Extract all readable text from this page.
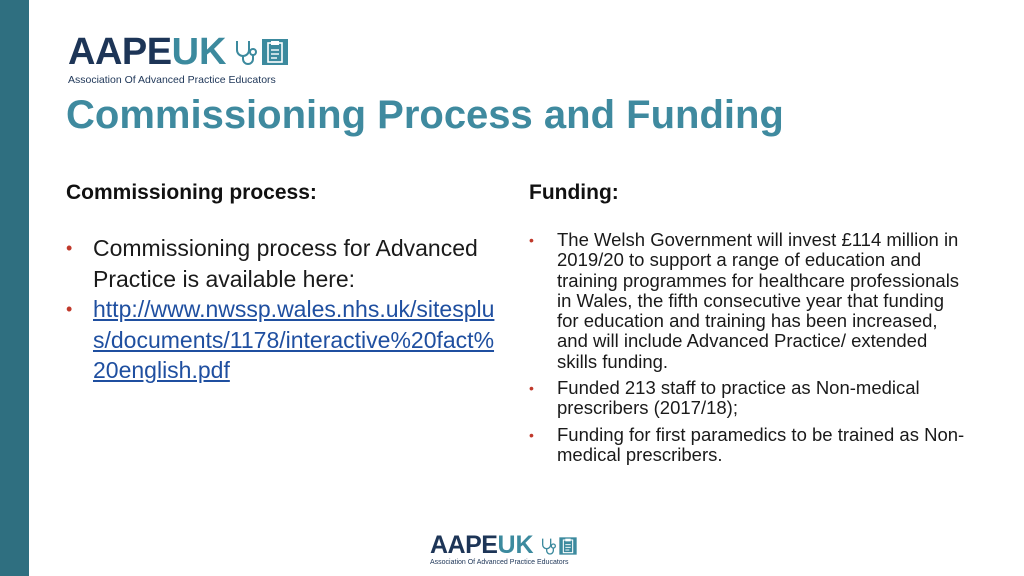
AAPE UK
Association Of Advanced Practice Educators
Commissioning Process and Funding
Commissioning process:
• Commissioning process for Advanced Practice is available here:
• http://www.nwssp.wales.nhs.uk/sitesplus/documents/1178/interactive%20fact%20english.pdf
Funding:
• The Welsh Government will invest £114 million in 2019/20 to support a range of education and training programmes for healthcare professionals in Wales, the fifth consecutive year that funding for education and training has been increased, and will include Advanced Practice/ extended skills funding.
• Funded 213 staff to practice as Non-medical prescribers (2017/18);
• Funding for first paramedics to be trained as Non-medical prescribers.
AAPE UK
Association Of Advanced Practice Educators
